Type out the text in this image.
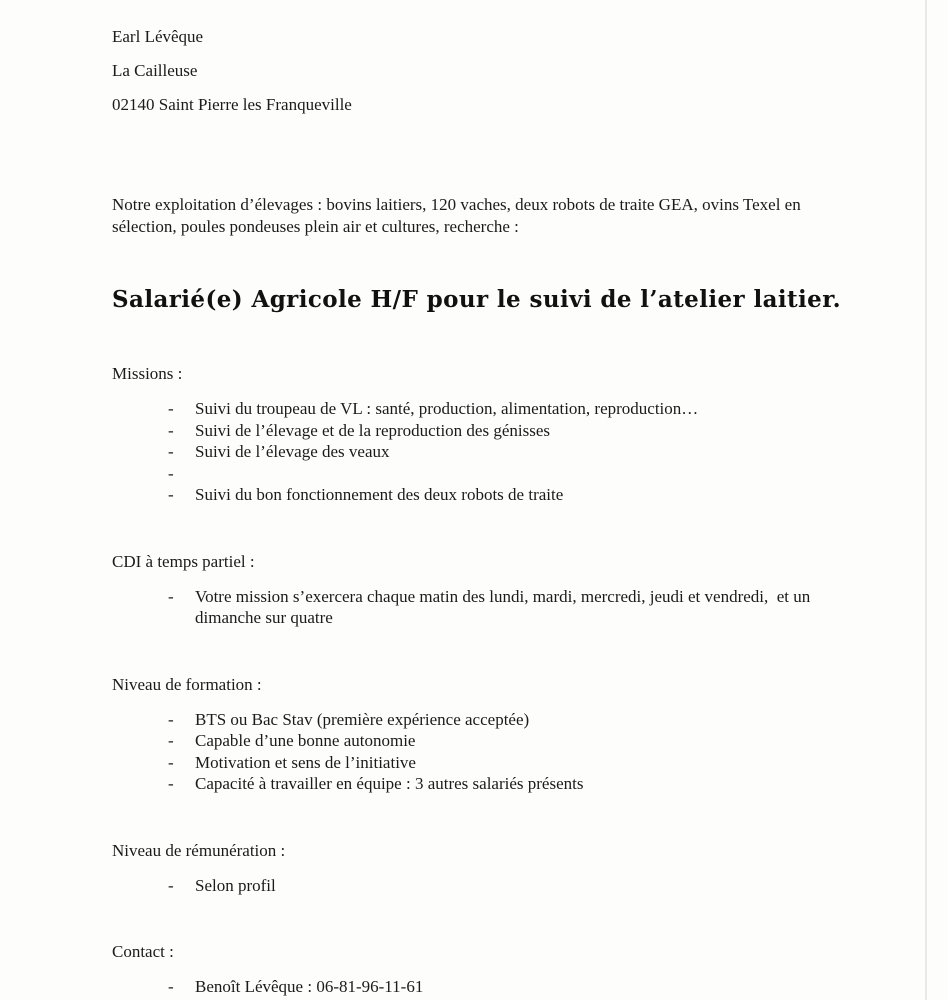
Earl Lévêque

La Cailleuse

02140 Saint Pierre les Franqueville

Notre exploitation d’élevages : bovins laitiers, 120 vaches, deux robots de traite GEA, ovins Texel en sélection, poules pondeuses plein air et cultures, recherche :

Salarié(e) Agricole H/F pour le suivi de l’atelier laitier.

Missions :

-	Suivi du troupeau de VL : santé, production, alimentation, reproduction…
-	Suivi de l’élevage et de la reproduction des génisses
-	Suivi de l’élevage des veaux
-
-	Suivi du bon fonctionnement des deux robots de traite

CDI à temps partiel :

-	Votre mission s’exercera chaque matin des lundi, mardi, mercredi, jeudi et vendredi,  et un dimanche sur quatre

Niveau de formation :

-	BTS ou Bac Stav (première expérience acceptée)
-	Capable d’une bonne autonomie
-	Motivation et sens de l’initiative
-	Capacité à travailler en équipe : 3 autres salariés présents

Niveau de rémunération :

-	Selon profil

Contact :

-	Benoît Lévêque : 06-81-96-11-61
